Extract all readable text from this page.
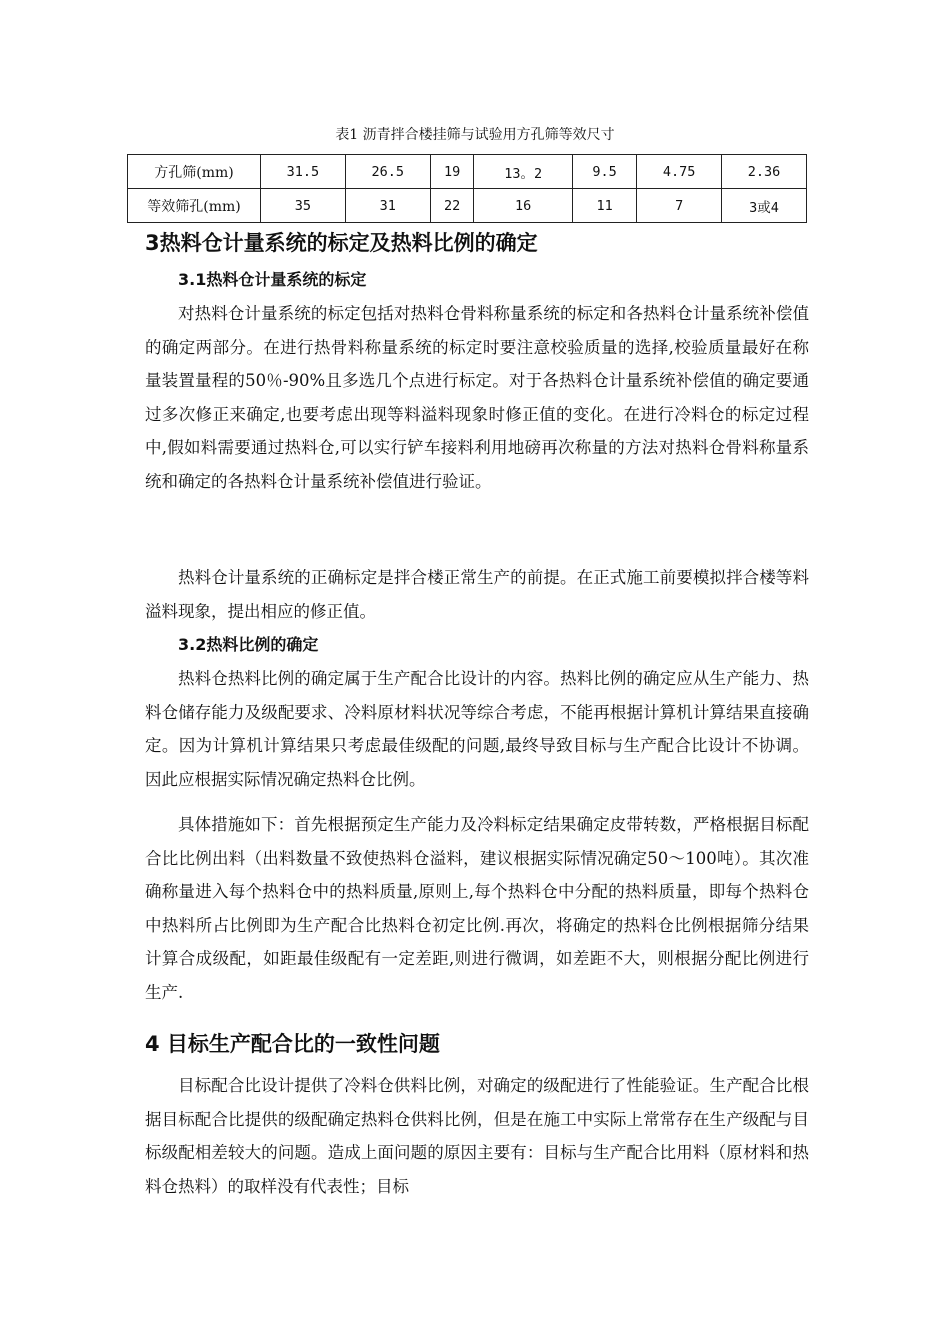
表1 沥青拌合楼挂筛与试验用方孔筛等效尺寸
方孔筛(mm)	31.5	26.5	19	13。2	9.5	4.75	2.36
等效筛孔(mm)	35	31	22	16	11	7	3或4
3热料仓计量系统的标定及热料比例的确定
3.1热料仓计量系统的标定
对热料仓计量系统的标定包括对热料仓骨料称量系统的标定和各热料仓计量系统补偿值的确定两部分。在进行热骨料称量系统的标定时要注意校验质量的选择,校验质量最好在称量装置量程的50％-90%且多选几个点进行标定。对于各热料仓计量系统补偿值的确定要通过多次修正来确定,也要考虑出现等料溢料现象时修正值的变化。在进行冷料仓的标定过程中,假如料需要通过热料仓,可以实行铲车接料利用地磅再次称量的方法对热料仓骨料称量系统和确定的各热料仓计量系统补偿值进行验证。
热料仓计量系统的正确标定是拌合楼正常生产的前提。在正式施工前要模拟拌合楼等料溢料现象，提出相应的修正值。
3.2热料比例的确定
热料仓热料比例的确定属于生产配合比设计的内容。热料比例的确定应从生产能力、热料仓储存能力及级配要求、冷料原材料状况等综合考虑，不能再根据计算机计算结果直接确定。因为计算机计算结果只考虑最佳级配的问题,最终导致目标与生产配合比设计不协调。因此应根据实际情况确定热料仓比例。
具体措施如下：首先根据预定生产能力及冷料标定结果确定皮带转数，严格根据目标配合比比例出料（出料数量不致使热料仓溢料，建议根据实际情况确定50～100吨）。其次准确称量进入每个热料仓中的热料质量,原则上,每个热料仓中分配的热料质量，即每个热料仓中热料所占比例即为生产配合比热料仓初定比例.再次，将确定的热料仓比例根据筛分结果计算合成级配，如距最佳级配有一定差距,则进行微调，如差距不大，则根据分配比例进行生产.
4 目标生产配合比的一致性问题
目标配合比设计提供了冷料仓供料比例，对确定的级配进行了性能验证。生产配合比根据目标配合比提供的级配确定热料仓供料比例，但是在施工中实际上常常存在生产级配与目标级配相差较大的问题。造成上面问题的原因主要有：目标与生产配合比用料（原材料和热料仓热料）的取样没有代表性；目标
